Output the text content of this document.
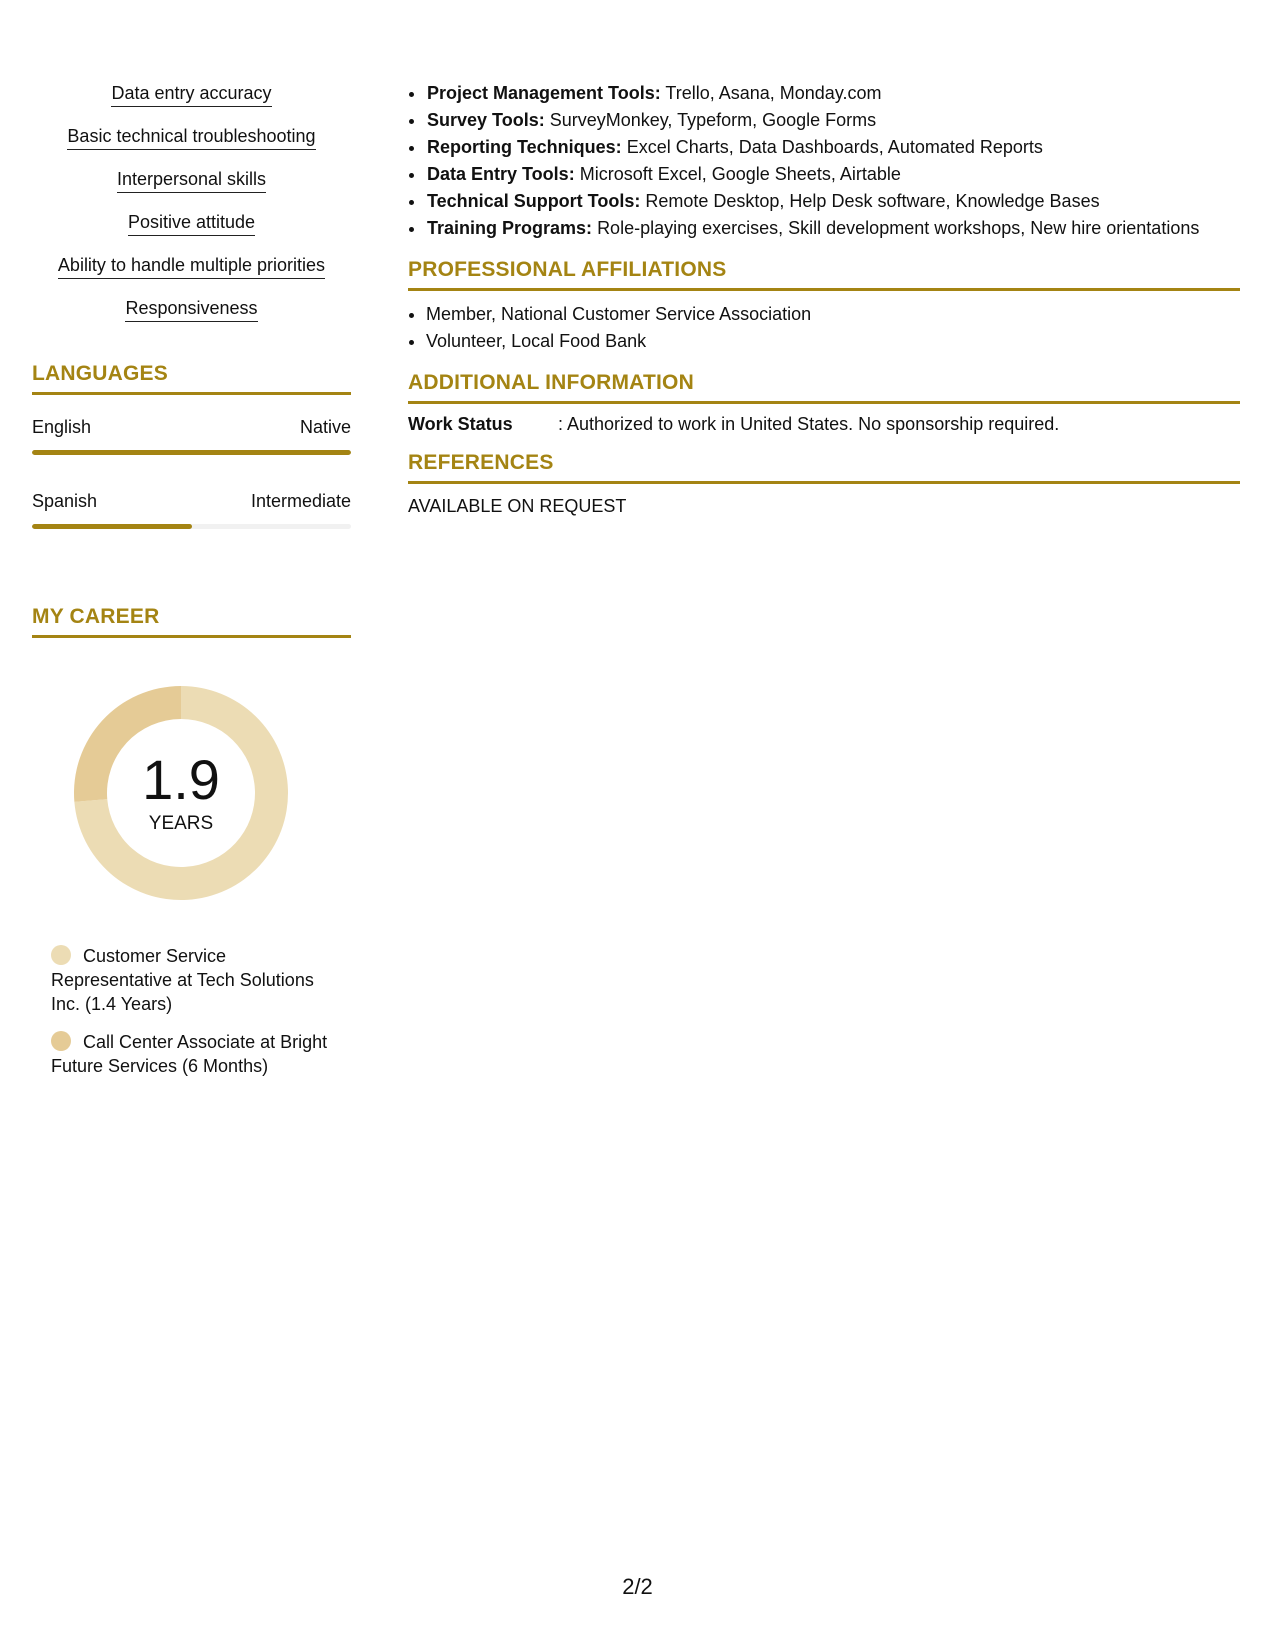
Data entry accuracy
Basic technical troubleshooting
Interpersonal skills
Positive attitude
Ability to handle multiple priorities
Responsiveness
LANGUAGES
English	Native
Spanish	Intermediate
MY CAREER
1.9
YEARS
Customer Service Representative at Tech Solutions Inc. (1.4 Years)
Call Center Associate at Bright Future Services (6 Months)
• Project Management Tools: Trello, Asana, Monday.com
• Survey Tools: SurveyMonkey, Typeform, Google Forms
• Reporting Techniques: Excel Charts, Data Dashboards, Automated Reports
• Data Entry Tools: Microsoft Excel, Google Sheets, Airtable
• Technical Support Tools: Remote Desktop, Help Desk software, Knowledge Bases
• Training Programs: Role-playing exercises, Skill development workshops, New hire orientations
PROFESSIONAL AFFILIATIONS
• Member, National Customer Service Association
• Volunteer, Local Food Bank
ADDITIONAL INFORMATION
Work Status	: Authorized to work in United States. No sponsorship required.
REFERENCES
AVAILABLE ON REQUEST
2/2
